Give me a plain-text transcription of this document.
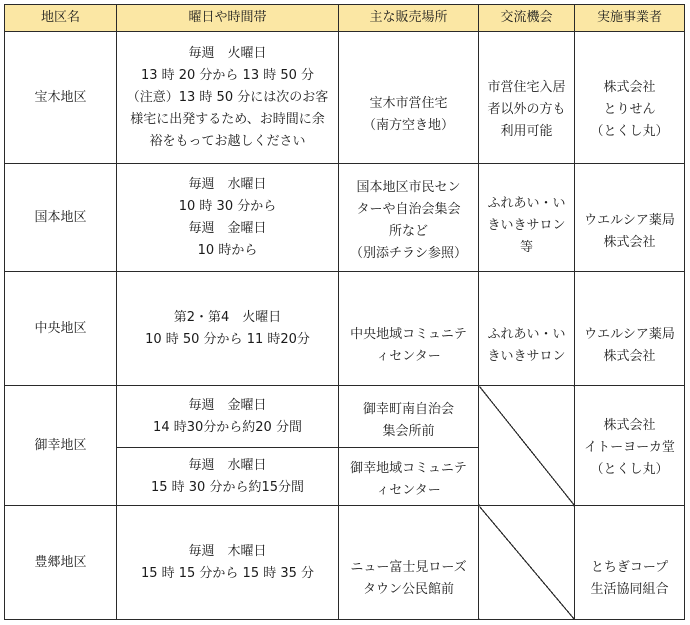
地区名	曜日や時間帯	主な販売場所	交流機会	実施事業者
宝木地区	毎週　火曜日
13 時 20 分から 13 時 50 分
（注意）13 時 50 分には次のお客
様宅に出発するため、お時間に余
裕をもってお越しください	宝木市営住宅
（南方空き地）	市営住宅入居
者以外の方も
利用可能	株式会社
とりせん
（とくし丸）
国本地区	毎週　水曜日
10 時 30 分から
毎週　金曜日
10 時から	国本地区市民セン
ターや自治会集会
所など
（別添チラシ参照）	ふれあい・い
きいきサロン
等	ウエルシア薬局
株式会社
中央地区	第2・第4　火曜日
10 時 50 分から 11 時20分	中央地域コミュニテ
ィセンター	ふれあい・い
きいきサロン	ウエルシア薬局
株式会社
御幸地区	毎週　金曜日
14 時30分から約20 分間	御幸町南自治会
集会所前		株式会社
イトーヨーカ堂
（とくし丸）
	毎週　水曜日
15 時 30 分から約15分間	御幸地域コミュニテ
ィセンター		
豊郷地区	毎週　木曜日
15 時 15 分から 15 時 35 分	ニュー富士見ローズ
タウン公民館前		とちぎコープ
生活協同組合
